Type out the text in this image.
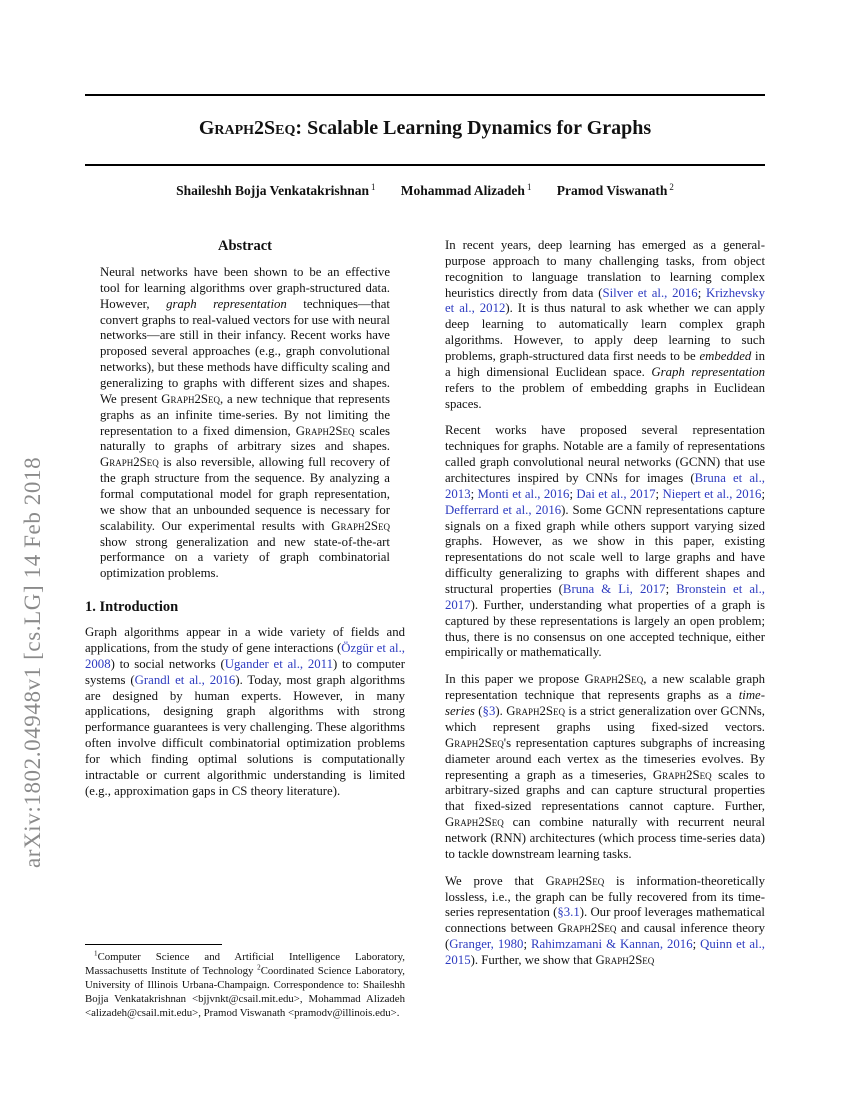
arXiv:1802.04948v1 [cs.LG] 14 Feb 2018
Graph2Seq: Scalable Learning Dynamics for Graphs
Shaileshh Bojja Venkatakrishnan $^1$ Mohammad Alizadeh $^1$ Pramod Viswanath $^2$
Abstract

Neural networks have been shown to be an effective tool for learning algorithms over graph-structured data. However, graph representation techniques—that convert graphs to real-valued vectors for use with neural networks—are still in their infancy. Recent works have proposed several approaches (e.g., graph convolutional networks), but these methods have difficulty scaling and generalizing to graphs with different sizes and shapes. We present Graph2Seq, a new technique that represents graphs as an infinite time-series. By not limiting the representation to a fixed dimension, Graph2Seq scales naturally to graphs of arbitrary sizes and shapes. Graph2Seq is also reversible, allowing full recovery of the graph structure from the sequence. By analyzing a formal computational model for graph representation, we show that an unbounded sequence is necessary for scalability. Our experimental results with Graph2Seq show strong generalization and new state-of-the-art performance on a variety of graph combinatorial optimization problems.

1. Introduction

Graph algorithms appear in a wide variety of fields and applications, from the study of gene interactions (Özgür et al., 2008) to social networks (Ugander et al., 2011) to computer systems (Grandl et al., 2016). Today, most graph algorithms are designed by human experts. However, in many applications, designing graph algorithms with strong performance guarantees is very challenging. These algorithms often involve difficult combinatorial optimization problems for which finding optimal solutions is computationally intractable or current algorithmic understanding is limited (e.g., approximation gaps in CS theory literature).

$^1$Computer Science and Artificial Intelligence Laboratory, Massachusetts Institute of Technology $^2$Coordinated Science Laboratory, University of Illinois Urbana-Champaign. Correspondence to: Shaileshh Bojja Venkatakrishnan <bjjvnkt@csail.mit.edu>, Mohammad Alizadeh <alizadeh@csail.mit.edu>, Pramod Viswanath <pramodv@illinois.edu>.

In recent years, deep learning has emerged as a general-purpose approach to many challenging tasks, from object recognition to language translation to learning complex heuristics directly from data (Silver et al., 2016; Krizhevsky et al., 2012). It is thus natural to ask whether we can apply deep learning to automatically learn complex graph algorithms. However, to apply deep learning to such problems, graph-structured data first needs to be embedded in a high dimensional Euclidean space. Graph representation refers to the problem of embedding graphs in Euclidean spaces.

Recent works have proposed several representation techniques for graphs. Notable are a family of representations called graph convolutional neural networks (GCNN) that use architectures inspired by CNNs for images (Bruna et al., 2013; Monti et al., 2016; Dai et al., 2017; Niepert et al., 2016; Defferrard et al., 2016). Some GCNN representations capture signals on a fixed graph while others support varying sized graphs. However, as we show in this paper, existing representations do not scale well to large graphs and have difficulty generalizing to graphs with different shapes and structural properties (Bruna & Li, 2017; Bronstein et al., 2017). Further, understanding what properties of a graph is captured by these representations is largely an open problem; thus, there is no consensus on one accepted technique, either empirically or mathematically.

In this paper we propose Graph2Seq, a new scalable graph representation technique that represents graphs as a time-series (§3). Graph2Seq is a strict generalization over GCNNs, which represent graphs using fixed-sized vectors. Graph2Seq's representation captures subgraphs of increasing diameter around each vertex as the timeseries evolves. By representing a graph as a timeseries, Graph2Seq scales to arbitrary-sized graphs and can capture structural properties that fixed-sized representations cannot capture. Further, Graph2Seq can combine naturally with recurrent neural network (RNN) architectures (which process time-series data) to tackle downstream learning tasks.

We prove that Graph2Seq is information-theoretically lossless, i.e., the graph can be fully recovered from its time-series representation (§3.1). Our proof leverages mathematical connections between Graph2Seq and causal inference theory (Granger, 1980; Rahimzamani & Kannan, 2016; Quinn et al., 2015). Further, we show that Graph2Seq
